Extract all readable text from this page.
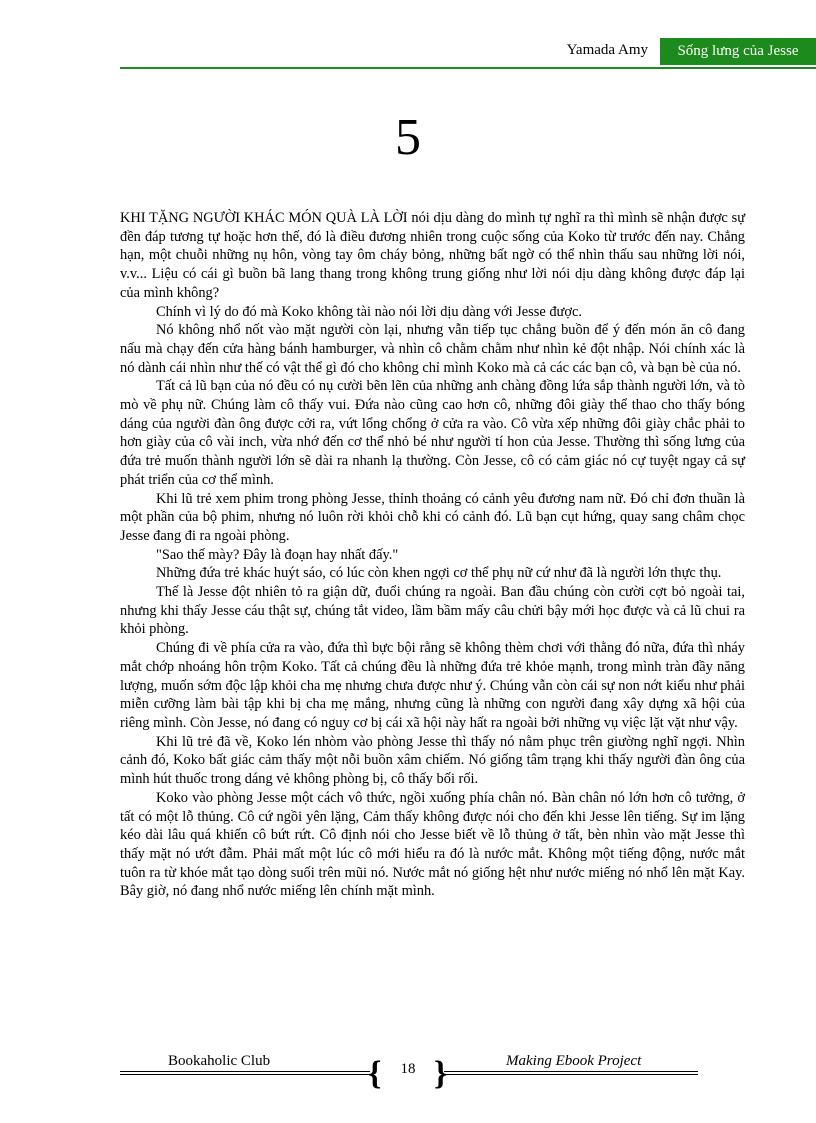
Yamada Amy	Sống lưng của Jesse
5

KHI TẶNG NGƯỜI KHÁC MÓN QUÀ LÀ LỜI nói dịu dàng do mình tự nghĩ ra thì mình sẽ nhận được sự đền đáp tương tự hoặc hơn thế, đó là điều đương nhiên trong cuộc sống của Koko từ trước đến nay. Chẳng hạn, một chuỗi những nụ hôn, vòng tay ôm cháy bỏng, những bất ngờ có thể nhìn thấu sau những lời nói, v.v... Liệu có cái gì buồn bã lang thang trong không trung giống như lời nói dịu dàng không được đáp lại của mình không?

Chính vì lý do đó mà Koko không tài nào nói lời dịu dàng với Jesse được.

Nó không nhổ nốt vào mặt người còn lại, nhưng vẫn tiếp tục chẳng buồn để ý đến món ăn cô đang nấu mà chạy đến cửa hàng bánh hamburger, và nhìn cô chằm chằm như nhìn kẻ đột nhập. Nói chính xác là nó dành cái nhìn như thế có vật thể gì đó cho không chỉ mình Koko mà cả các các bạn cô, và bạn bè của nó.

Tất cả lũ bạn của nó đều có nụ cười bẽn lẽn của những anh chàng đồng lứa sắp thành người lớn, và tò mò về phụ nữ. Chúng làm cô thấy vui. Đứa nào cũng cao hơn cô, những đôi giày thể thao cho thấy bóng dáng của người đàn ông được cởi ra, vứt lổng chổng ở cửa ra vào. Cô vừa xếp những đôi giày chắc phải to hơn giày của cô vài inch, vừa nhớ đến cơ thể nhỏ bé như người tí hon của Jesse. Thường thì sống lưng của đứa trẻ muốn thành người lớn sẽ dài ra nhanh lạ thường. Còn Jesse, cô có cảm giác nó cự tuyệt ngay cả sự phát triển của cơ thể mình.

Khi lũ trẻ xem phim trong phòng Jesse, thỉnh thoảng có cảnh yêu đương nam nữ. Đó chỉ đơn thuần là một phần của bộ phim, nhưng nó luôn rời khỏi chỗ khi có cảnh đó. Lũ bạn cụt hứng, quay sang châm chọc Jesse đang đi ra ngoài phòng.

"Sao thế mày? Đây là đoạn hay nhất đấy."

Những đứa trẻ khác huýt sáo, có lúc còn khen ngợi cơ thể phụ nữ cứ như đã là người lớn thực thụ.

Thế là Jesse đột nhiên tỏ ra giận dữ, đuổi chúng ra ngoài. Ban đầu chúng còn cười cợt bỏ ngoài tai, nhưng khi thấy Jesse cáu thật sự, chúng tắt video, lầm bầm mấy câu chửi bậy mới học được và cả lũ chui ra khỏi phòng.

Chúng đi về phía cửa ra vào, đứa thì bực bội rằng sẽ không thèm chơi với thằng đó nữa, đứa thì nháy mắt chớp nhoáng hôn trộm Koko. Tất cả chúng đều là những đứa trẻ khỏe mạnh, trong mình tràn đầy năng lượng, muốn sớm độc lập khỏi cha mẹ nhưng chưa được như ý. Chúng vẫn còn cái sự non nớt kiểu như phải miễn cưỡng làm bài tập khi bị cha mẹ mắng, nhưng cũng là những con người đang xây dựng xã hội của riêng mình. Còn Jesse, nó đang có nguy cơ bị cái xã hội này hất ra ngoài bởi những vụ việc lặt vặt như vậy.

Khi lũ trẻ đã về, Koko lén nhòm vào phòng Jesse thì thấy nó nằm phục trên giường nghĩ ngợi. Nhìn cảnh đó, Koko bất giác cảm thấy một nỗi buồn xâm chiếm. Nó giống tâm trạng khi thấy người đàn ông của mình hút thuốc trong dáng vẻ không phòng bị, cô thấy bối rối.

Koko vào phòng Jesse một cách vô thức, ngồi xuống phía chân nó. Bàn chân nó lớn hơn cô tưởng, ở tất có một lỗ thủng. Cô cứ ngồi yên lặng, Cảm thấy không được nói cho đến khi Jesse lên tiếng. Sự im lặng kéo dài lâu quá khiến cô bứt rứt. Cô định nói cho Jesse biết về lỗ thủng ở tất, bèn nhìn vào mặt Jesse thì thấy mặt nó ướt đẫm. Phải mất một lúc cô mới hiểu ra đó là nước mắt. Không một tiếng động, nước mắt tuôn ra từ khóe mắt tạo dòng suối trên mũi nó. Nước mắt nó giống hệt như nước miếng nó nhổ lên mặt Kay. Bây giờ, nó đang nhổ nước miếng lên chính mặt mình.

Bookaholic Club	{	18 }	Making Ebook Project
